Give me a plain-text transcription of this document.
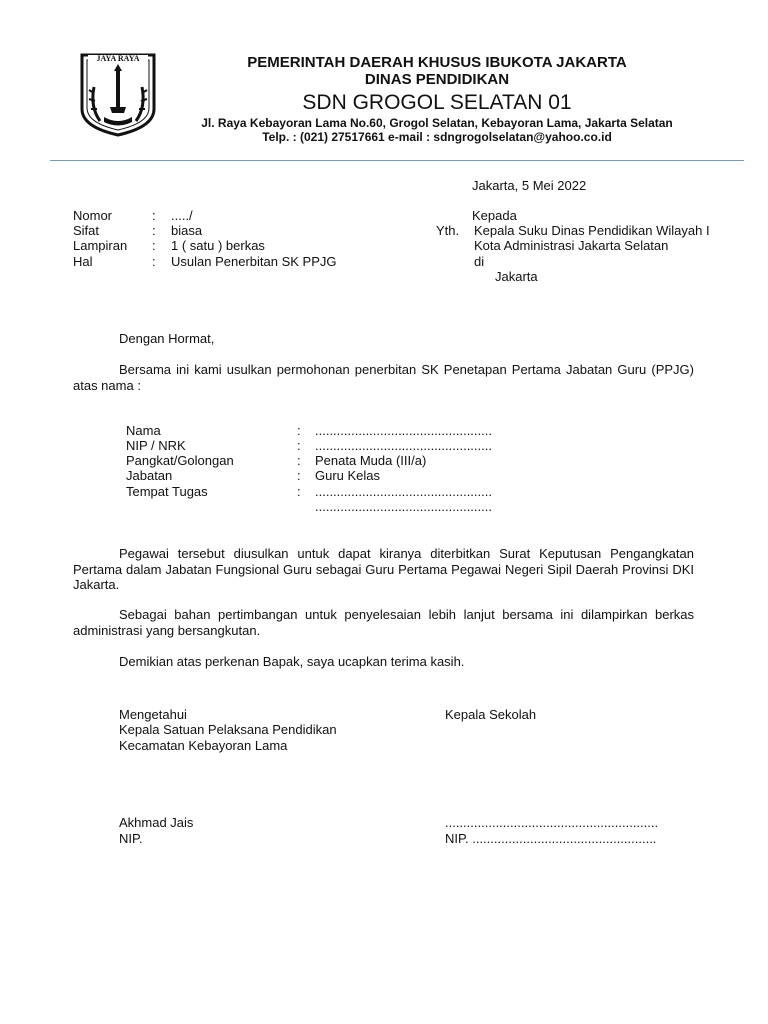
JAYA RAYA	PEMERINTAH DAERAH KHUSUS IBUKOTA JAKARTA
DINAS PENDIDIKAN
SDN GROGOL SELATAN 01
Jl. Raya Kebayoran Lama No.60, Grogol Selatan, Kebayoran Lama, Jakarta Selatan
Telp. : (021) 27517661 e-mail : sdngrogolselatan@yahoo.co.id
Jakarta, 5 Mei 2022
Nomor	: ...../
Sifat	: biasa
Lampiran : 1 ( satu ) berkas
Hal	: Usulan Penerbitan SK PPJG
Kepada
Yth. Kepala Suku Dinas Pendidikan Wilayah I
Kota Administrasi Jakarta Selatan
di
Jakarta
Dengan Hormat,
Bersama ini kami usulkan permohonan penerbitan SK Penetapan Pertama Jabatan Guru (PPJG) atas nama :
Nama	: .................................................
NIP / NRK	: .................................................
Pangkat/Golongan	: Penata Muda (III/a)
Jabatan	: Guru Kelas
Tempat Tugas	: .................................................
.................................................
Pegawai tersebut diusulkan untuk dapat kiranya diterbitkan Surat Keputusan Pengangkatan Pertama dalam Jabatan Fungsional Guru sebagai Guru Pertama Pegawai Negeri Sipil Daerah Provinsi DKI Jakarta.
Sebagai bahan pertimbangan untuk penyelesaian lebih lanjut bersama ini dilampirkan berkas administrasi yang bersangkutan.
Demikian atas perkenan Bapak, saya ucapkan terima kasih.
Mengetahui
Kepala Satuan Pelaksana Pendidikan
Kecamatan Kebayoran Lama
Akhmad Jais
NIP.
Kepala Sekolah
...........................................................
NIP. ...................................................
